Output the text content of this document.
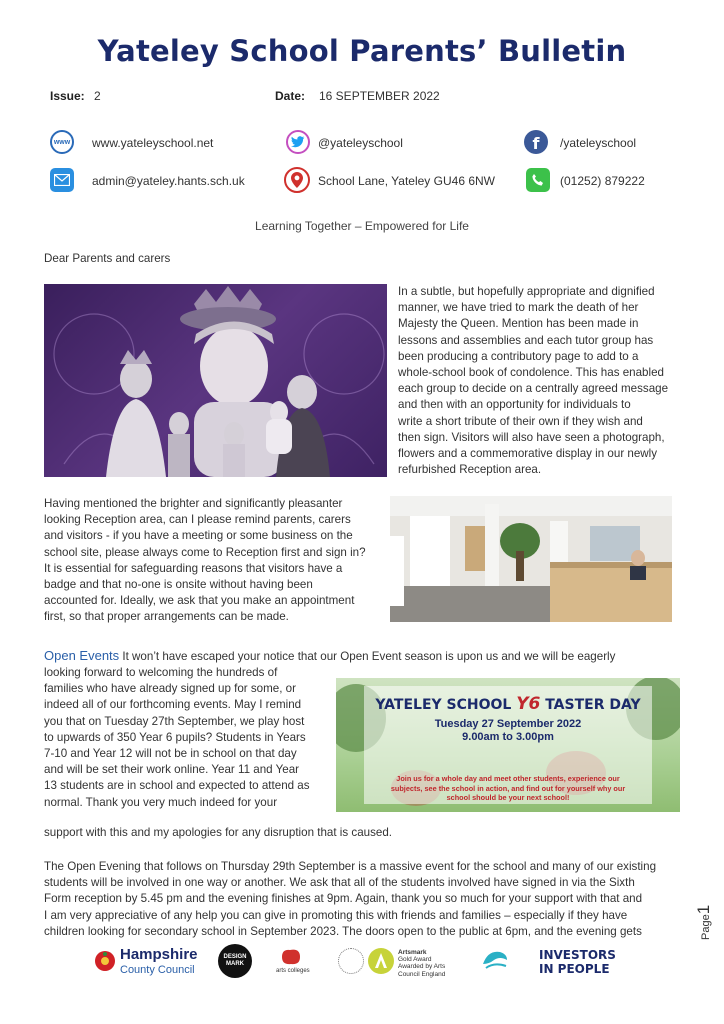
Yateley School Parents’ Bulletin
Issue: 2	Date: 16 SEPTEMBER 2022
www www.yateleyschool.net	@yateleyschool	f /yateleyschool
admin@yateley.hants.sch.uk	School Lane, Yateley GU46 6NW	(01252) 879222
Learning Together – Empowered for Life
Dear Parents and carers
In a subtle, but hopefully appropriate and dignified
manner, we have tried to mark the death of her
Majesty the Queen. Mention has been made in
lessons and assemblies and each tutor group has
been producing a contributory page to add to a
whole-school book of condolence. This has enabled
each group to decide on a centrally agreed message
and then with an opportunity for individuals to
write a short tribute of their own if they wish and
then sign. Visitors will also have seen a photograph,
flowers and a commemorative display in our newly
refurbished Reception area.
Having mentioned the brighter and significantly pleasanter
looking Reception area, can I please remind parents, carers
and visitors - if you have a meeting or some business on the
school site, please always come to Reception first and sign in?
It is essential for safeguarding reasons that visitors have a
badge and that no-one is onsite without having been
accounted for. Ideally, we ask that you make an appointment
first, so that proper arrangements can be made.
Open Events It won’t have escaped your notice that our Open Event season is upon us and we will be eagerly
looking forward to welcoming the hundreds of
families who have already signed up for some, or
indeed all of our forthcoming events. May I remind
you that on Tuesday 27th September, we play host
to upwards of 350 Year 6 pupils? Students in Years
7-10 and Year 12 will not be in school on that day
and will be set their work online. Year 11 and Year
13 students are in school and expected to attend as
normal. Thank you very much indeed for your
support with this and my apologies for any disruption that is caused.
YATELEY SCHOOL Y6 TASTER DAY
Tuesday 27 September 2022
9.00am to 3.00pm
Join us for a whole day and meet other students, experience our
subjects, see the school in action, and find out for yourself why our
school should be your next school!
The Open Evening that follows on Thursday 29th September is a massive event for the school and many of our existing
students will be involved in one way or another. We ask that all of the students involved have signed in via the Sixth
Form reception by 5.45 pm and the evening finishes at 9pm. Again, thank you so much for your support with that and
I am very appreciative of any help you can give in promoting this with friends and families – especially if they have
children looking for secondary school in September 2023. The doors open to the public at 6pm, and the evening gets	Page1
Hampshire
County Council
DESIGN MARK
arts colleges
Artsmark
Gold Award
Awarded by Arts
Council England
INVESTORS
IN PEOPLE
